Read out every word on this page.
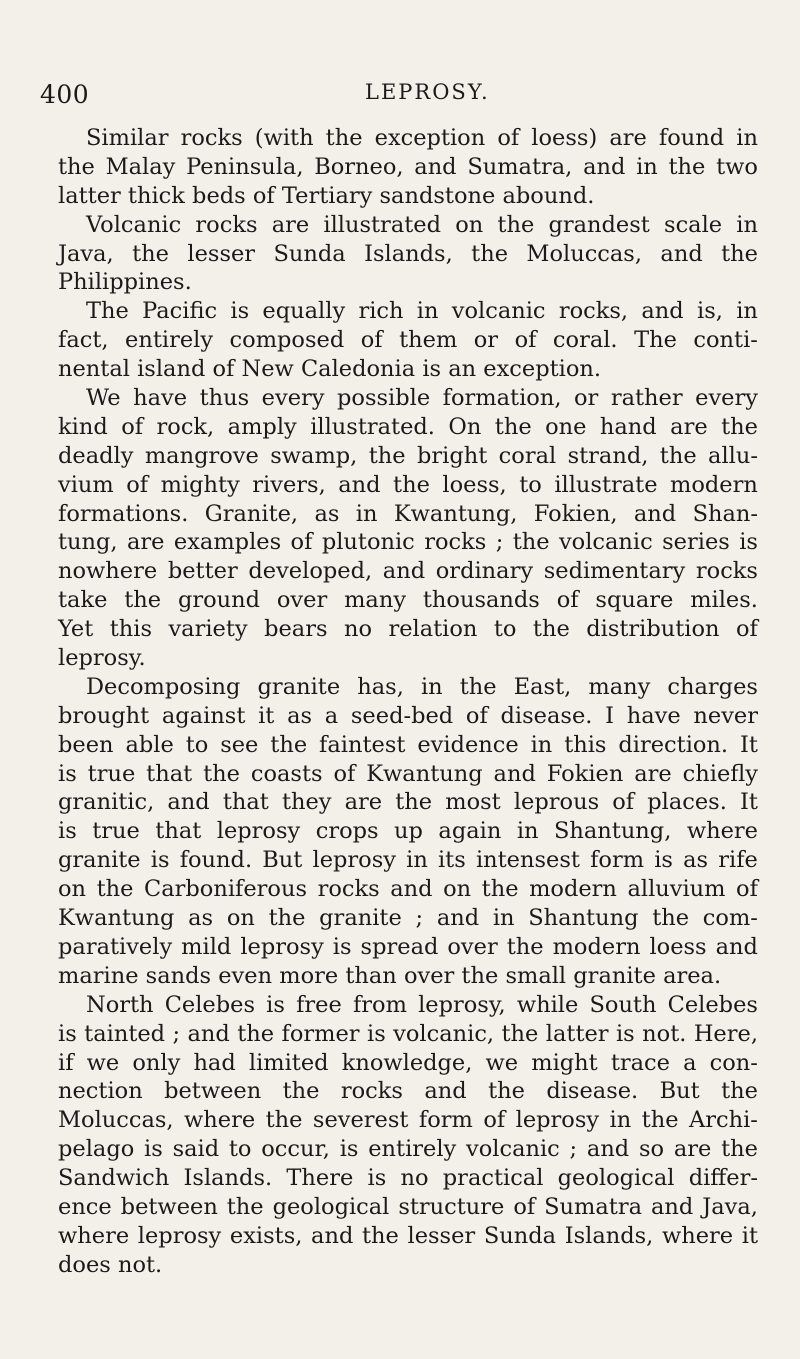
400	LEPROSY.
Similar rocks (with the exception of loess) are found in
the Malay Peninsula, Borneo, and Sumatra, and in the two
latter thick beds of Tertiary sandstone abound.
Volcanic rocks are illustrated on the grandest scale in
Java, the lesser Sunda Islands, the Moluccas, and the
Philippines.
The Pacific is equally rich in volcanic rocks, and is, in
fact, entirely composed of them or of coral. The conti-
nental island of New Caledonia is an exception.
We have thus every possible formation, or rather every
kind of rock, amply illustrated. On the one hand are the
deadly mangrove swamp, the bright coral strand, the allu-
vium of mighty rivers, and the loess, to illustrate modern
formations. Granite, as in Kwantung, Fokien, and Shan-
tung, are examples of plutonic rocks ; the volcanic series is
nowhere better developed, and ordinary sedimentary rocks
take the ground over many thousands of square miles.
Yet this variety bears no relation to the distribution of
leprosy.
Decomposing granite has, in the East, many charges
brought against it as a seed-bed of disease. I have never
been able to see the faintest evidence in this direction. It
is true that the coasts of Kwantung and Fokien are chiefly
granitic, and that they are the most leprous of places. It
is true that leprosy crops up again in Shantung, where
granite is found. But leprosy in its intensest form is as rife
on the Carboniferous rocks and on the modern alluvium of
Kwantung as on the granite ; and in Shantung the com-
paratively mild leprosy is spread over the modern loess and
marine sands even more than over the small granite area.
North Celebes is free from leprosy, while South Celebes
is tainted ; and the former is volcanic, the latter is not. Here,
if we only had limited knowledge, we might trace a con-
nection between the rocks and the disease. But the
Moluccas, where the severest form of leprosy in the Archi-
pelago is said to occur, is entirely volcanic ; and so are the
Sandwich Islands. There is no practical geological differ-
ence between the geological structure of Sumatra and Java,
where leprosy exists, and the lesser Sunda Islands, where it
does not.
